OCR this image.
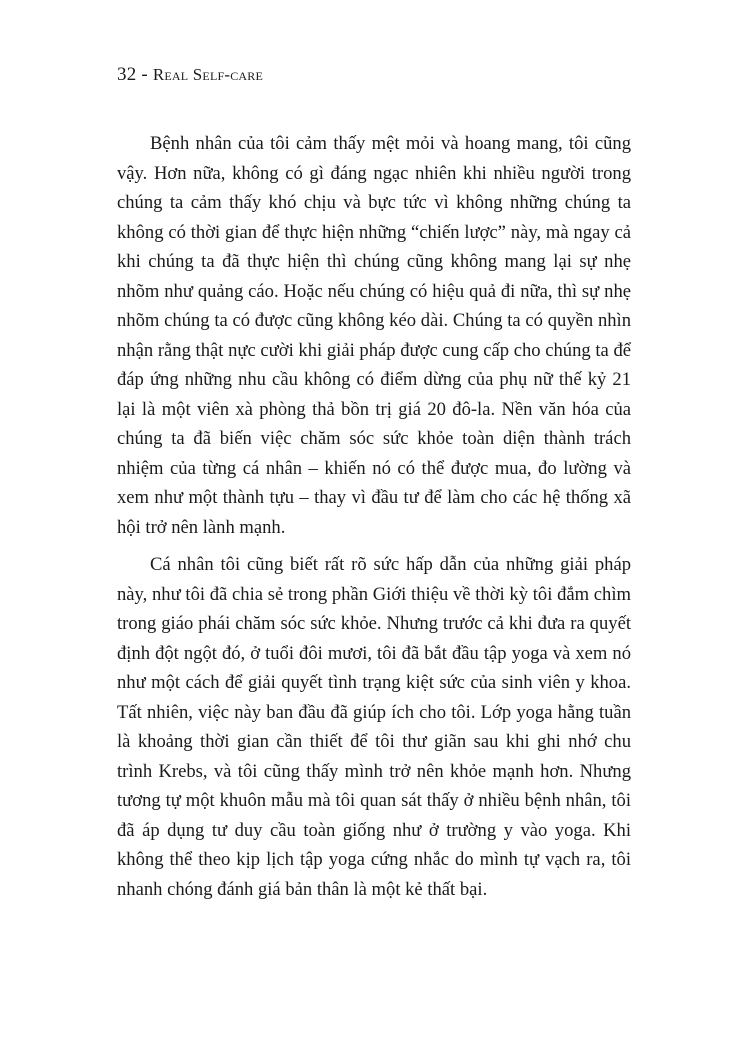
32 - Real Self-care

Bệnh nhân của tôi cảm thấy mệt mỏi và hoang mang, tôi cũng vậy. Hơn nữa, không có gì đáng ngạc nhiên khi nhiều người trong chúng ta cảm thấy khó chịu và bực tức vì không những chúng ta không có thời gian để thực hiện những “chiến lược” này, mà ngay cả khi chúng ta đã thực hiện thì chúng cũng không mang lại sự nhẹ nhõm như quảng cáo. Hoặc nếu chúng có hiệu quả đi nữa, thì sự nhẹ nhõm chúng ta có được cũng không kéo dài. Chúng ta có quyền nhìn nhận rằng thật nực cười khi giải pháp được cung cấp cho chúng ta để đáp ứng những nhu cầu không có điểm dừng của phụ nữ thế kỷ 21 lại là một viên xà phòng thả bồn trị giá 20 đô-la. Nền văn hóa của chúng ta đã biến việc chăm sóc sức khỏe toàn diện thành trách nhiệm của từng cá nhân – khiến nó có thể được mua, đo lường và xem như một thành tựu – thay vì đầu tư để làm cho các hệ thống xã hội trở nên lành mạnh.

Cá nhân tôi cũng biết rất rõ sức hấp dẫn của những giải pháp này, như tôi đã chia sẻ trong phần Giới thiệu về thời kỳ tôi đắm chìm trong giáo phái chăm sóc sức khỏe. Nhưng trước cả khi đưa ra quyết định đột ngột đó, ở tuổi đôi mươi, tôi đã bắt đầu tập yoga và xem nó như một cách để giải quyết tình trạng kiệt sức của sinh viên y khoa. Tất nhiên, việc này ban đầu đã giúp ích cho tôi. Lớp yoga hằng tuần là khoảng thời gian cần thiết để tôi thư giãn sau khi ghi nhớ chu trình Krebs, và tôi cũng thấy mình trở nên khỏe mạnh hơn. Nhưng tương tự một khuôn mẫu mà tôi quan sát thấy ở nhiều bệnh nhân, tôi đã áp dụng tư duy cầu toàn giống như ở trường y vào yoga. Khi không thể theo kịp lịch tập yoga cứng nhắc do mình tự vạch ra, tôi nhanh chóng đánh giá bản thân là một kẻ thất bại.
